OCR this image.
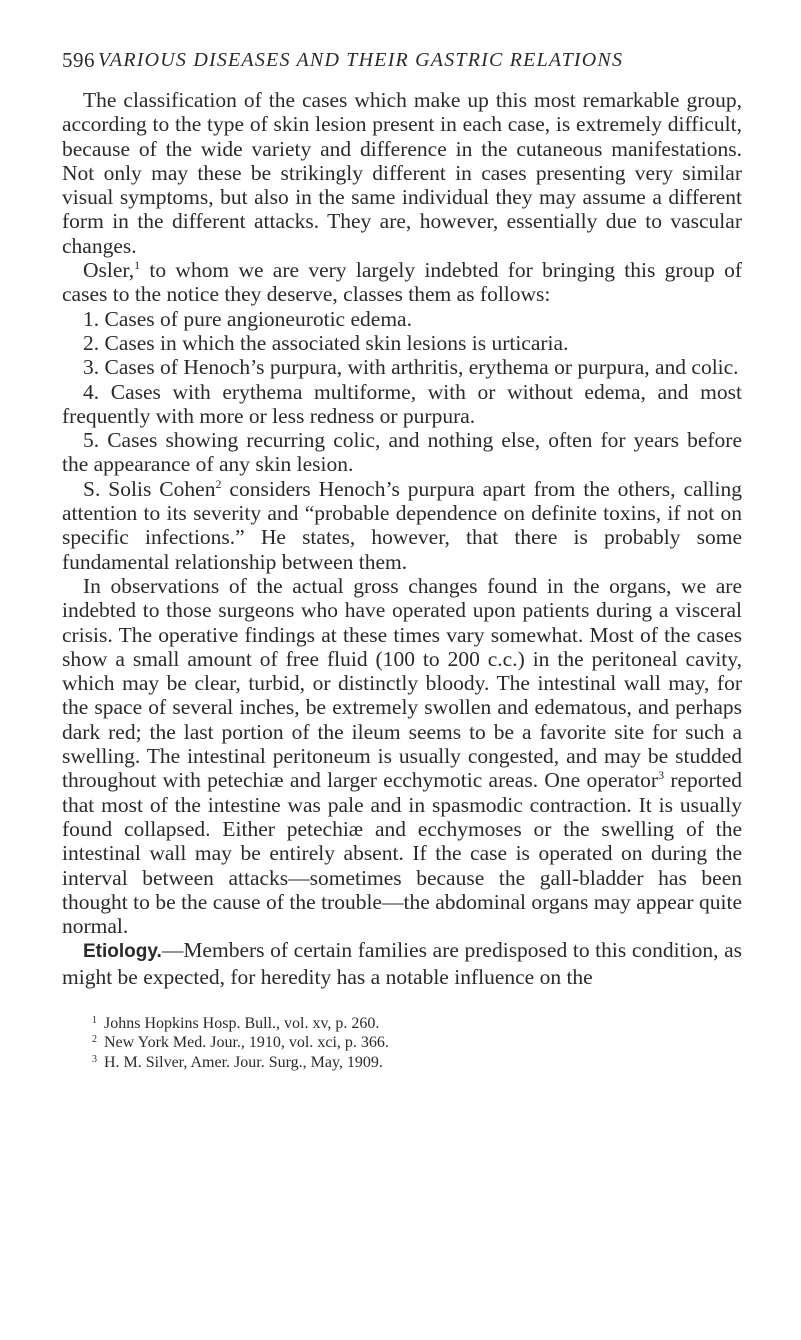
596 VARIOUS DISEASES AND THEIR GASTRIC RELATIONS

The classification of the cases which make up this most remarkable group, according to the type of skin lesion present in each case, is extremely difficult, because of the wide variety and difference in the cutaneous manifestations. Not only may these be strikingly different in cases presenting very similar visual symptoms, but also in the same individual they may assume a different form in the different attacks. They are, however, essentially due to vascular changes.

Osler,$^1$ to whom we are very largely indebted for bringing this group of cases to the notice they deserve, classes them as follows:

1. Cases of pure angioneurotic edema.

2. Cases in which the associated skin lesions is urticaria.

3. Cases of Henoch’s purpura, with arthritis, erythema or purpura, and colic.

4. Cases with erythema multiforme, with or without edema, and most frequently with more or less redness or purpura.

5. Cases showing recurring colic, and nothing else, often for years before the appearance of any skin lesion.

S. Solis Cohen$^2$ considers Henoch’s purpura apart from the others, calling attention to its severity and “probable dependence on definite toxins, if not on specific infections.” He states, however, that there is probably some fundamental relationship between them.

In observations of the actual gross changes found in the organs, we are indebted to those surgeons who have operated upon patients during a visceral crisis. The operative findings at these times vary somewhat. Most of the cases show a small amount of free fluid (100 to 200 c.c.) in the peritoneal cavity, which may be clear, turbid, or distinctly bloody. The intestinal wall may, for the space of several inches, be extremely swollen and edematous, and perhaps dark red; the last portion of the ileum seems to be a favorite site for such a swelling. The intestinal peritoneum is usually congested, and may be studded throughout with petechiæ and larger ecchymotic areas. One operator$^3$ reported that most of the intestine was pale and in spasmodic contraction. It is usually found collapsed. Either petechiæ and ecchymoses or the swelling of the intestinal wall may be entirely absent. If the case is operated on during the interval between attacks—sometimes because the gall-bladder has been thought to be the cause of the trouble—the abdominal organs may appear quite normal.

Etiology.—Members of certain families are predisposed to this condition, as might be expected, for heredity has a notable influence on the

1 Johns Hopkins Hosp. Bull., vol. xv, p. 260.
2 New York Med. Jour., 1910, vol. xci, p. 366.
3 H. M. Silver, Amer. Jour. Surg., May, 1909.
